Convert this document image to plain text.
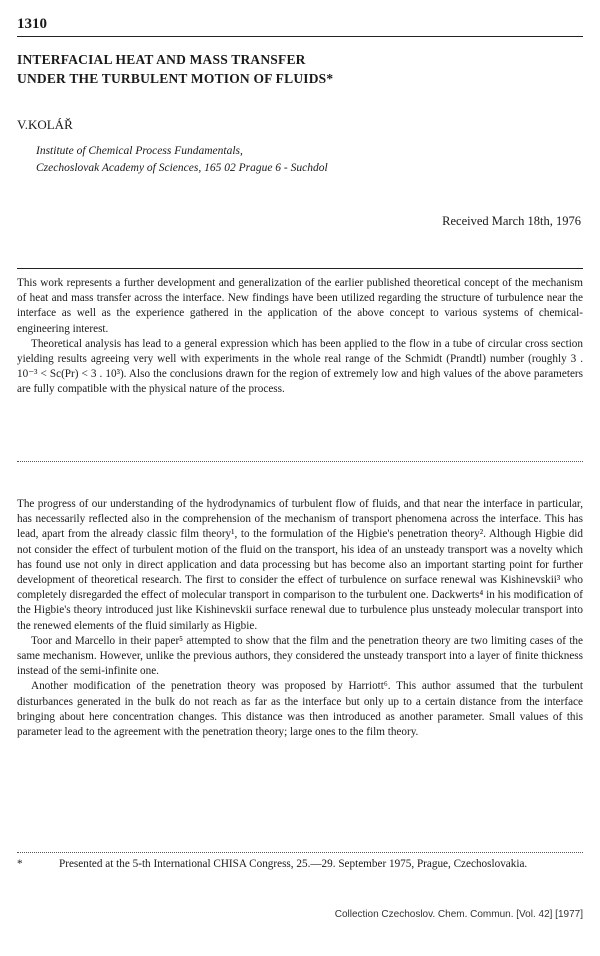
1310
INTERFACIAL HEAT AND MASS TRANSFER
UNDER THE TURBULENT MOTION OF FLUIDS*
V.KOLÁŘ
Institute of Chemical Process Fundamentals,
Czechoslovak Academy of Sciences, 165 02 Prague 6 - Suchdol
Received March 18th, 1976

This work represents a further development and generalization of the earlier published theoretical concept of the mechanism of heat and mass transfer across the interface. New findings have been utilized regarding the structure of turbulence near the interface as well as the experience gathered in the application of the above concept to various systems of chemical-engineering interest.

Theoretical analysis has lead to a general expression which has been applied to the flow in a tube of circular cross section yielding results agreeing very well with experiments in the whole real range of the Schmidt (Prandtl) number (roughly 3 . 10⁻³ < Sc(Pr) < 3 . 10³). Also the conclusions drawn for the region of extremely low and high values of the above parameters are fully compatible with the physical nature of the process.

The progress of our understanding of the hydrodynamics of turbulent flow of fluids, and that near the interface in particular, has necessarily reflected also in the comprehension of the mechanism of transport phenomena across the interface. This has lead, apart from the already classic film theory¹, to the formulation of the Higbie's penetration theory². Although Higbie did not consider the effect of turbulent motion of the fluid on the transport, his idea of an unsteady transport was a novelty which has found use not only in direct application and data processing but has become also an important starting point for further development of theoretical research. The first to consider the effect of turbulence on surface renewal was Kishinevskii³ who completely disregarded the effect of molecular transport in comparison to the turbulent one. Dackwerts⁴ in his modification of the Higbie's theory introduced just like Kishinevskii surface renewal due to turbulence plus unsteady molecular transport into the renewed elements of the fluid similarly as Higbie.

Toor and Marcello in their paper⁵ attempted to show that the film and the penetration theory are two limiting cases of the same mechanism. However, unlike the previous authors, they considered the unsteady transport into a layer of finite thickness instead of the semi-infinite one.

Another modification of the penetration theory was proposed by Harriott⁶. This author assumed that the turbulent disturbances generated in the bulk do not reach as far as the interface but only up to a certain distance from the interface bringing about here concentration changes. This distance was then introduced as another parameter. Small values of this parameter lead to the agreement with the penetration theory; large ones to the film theory.

*	Presented at the 5-th International CHISA Congress, 25.—29. September 1975, Prague, Czechoslovakia.
Collection Czechoslov. Chem. Commun. [Vol. 42] [1977]
